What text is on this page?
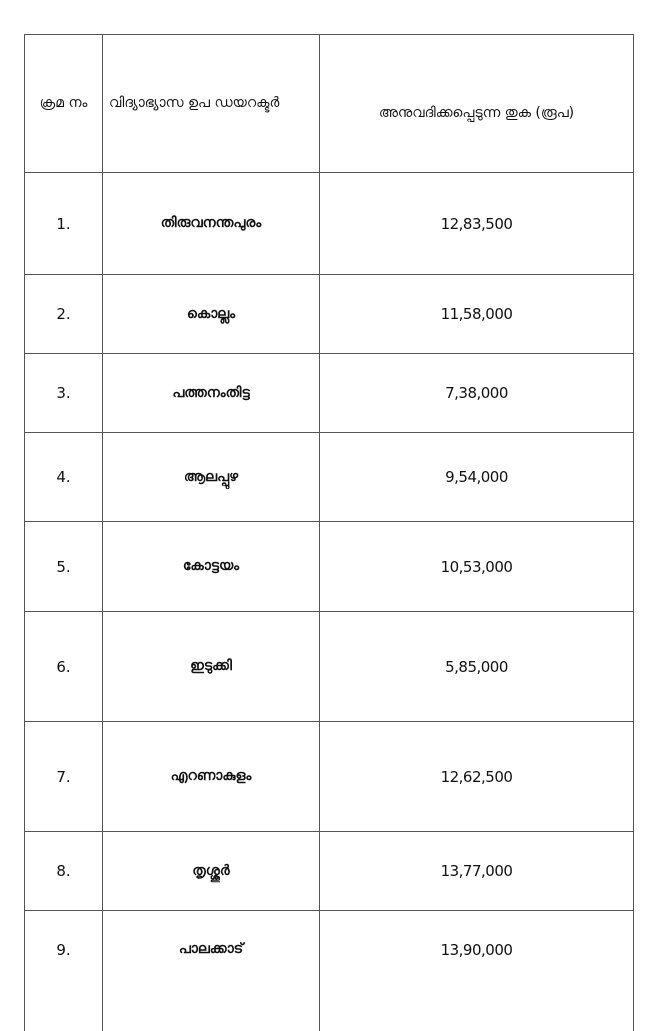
ക്രമ നം	വിദ്യാഭ്യാസ ഉപ ഡയറക്ടർ	അനുവദിക്കപ്പെടുന്ന തുക (രൂപ)
1.	തിരുവനന്തപുരം	12,83,500
2.	കൊല്ലം	11,58,000
3.	പത്തനംതിട്ട	7,38,000
4.	ആലപ്പുഴ	9,54,000
5.	കോട്ടയം	10,53,000
6.	ഇടുക്കി	5,85,000
7.	എറണാകുളം	12,62,500
8.	തൃശ്ശൂർ	13,77,000
9.	പാലക്കാട്	13,90,000
